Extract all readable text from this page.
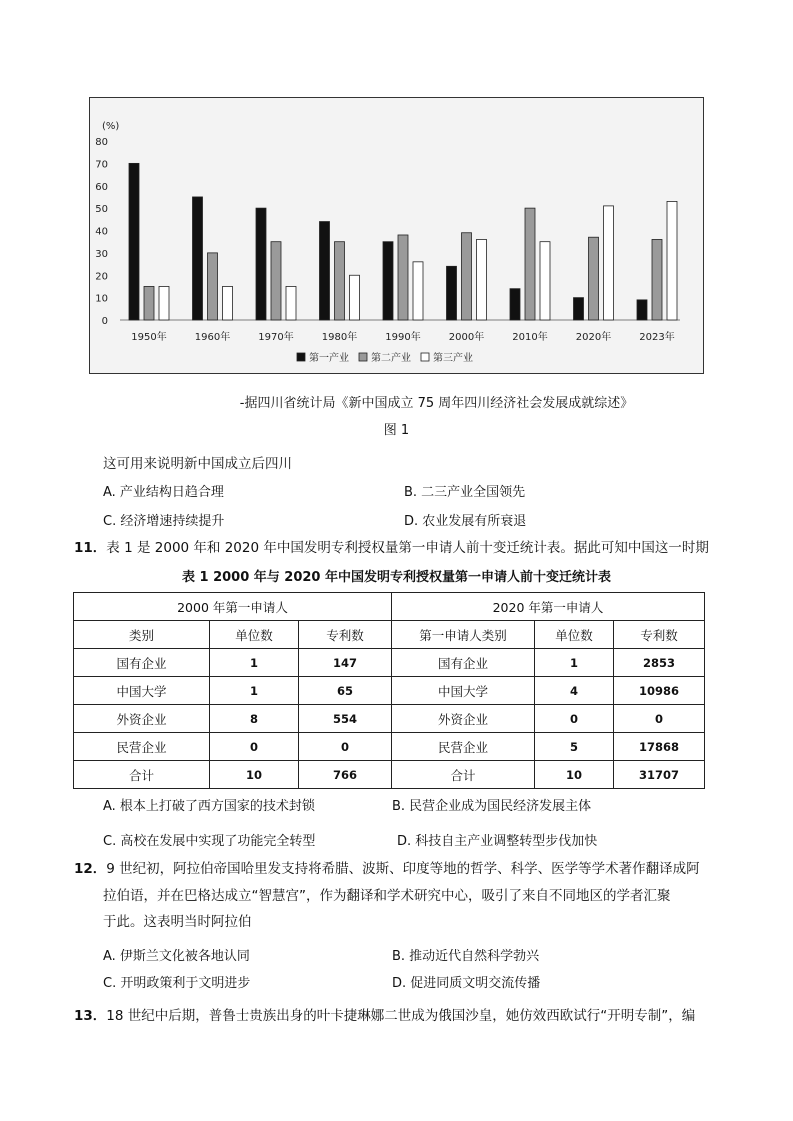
(%)
0
10
20
30
40
50
60
70
80
1950年	1960年	1970年	1980年	1990年	2000年	2010年	2020年	2023年
第一产业 第二产业 第三产业
-据四川省统计局《新中国成立 75 周年四川经济社会发展成就综述》
图 1
这可用来说明新中国成立后四川
A. 产业结构日趋合理	B. 二三产业全国领先
C. 经济增速持续提升	D. 农业发展有所衰退
11．表 1 是 2000 年和 2020 年中国发明专利授权量第一申请人前十变迁统计表。据此可知中国这一时期
表 1 2000 年与 2020 年中国发明专利授权量第一申请人前十变迁统计表
2000 年第一申请人			2020 年第一申请人		
类别	单位数	专利数	第一申请人类别	单位数	专利数
国有企业	1	147	国有企业	1	2853
中国大学	1	65	中国大学	4	10986
外资企业	8	554	外资企业	0	0
民营企业	0	0	民营企业	5	17868
合计	10	766	合计	10	31707
A. 根本上打破了西方国家的技术封锁	B. 民营企业成为国民经济发展主体
C. 高校在发展中实现了功能完全转型	D. 科技自主产业调整转型步伐加快
12．9 世纪初，阿拉伯帝国哈里发支持将希腊、波斯、印度等地的哲学、科学、医学等学术著作翻译成阿
拉伯语，并在巴格达成立“智慧宫”，作为翻译和学术研究中心，吸引了来自不同地区的学者汇聚
于此。这表明当时阿拉伯
A. 伊斯兰文化被各地认同	B. 推动近代自然科学勃兴
C. 开明政策利于文明进步	D. 促进同质文明交流传播
13．18 世纪中后期，普鲁士贵族出身的叶卡捷琳娜二世成为俄国沙皇，她仿效西欧试行“开明专制”，编
